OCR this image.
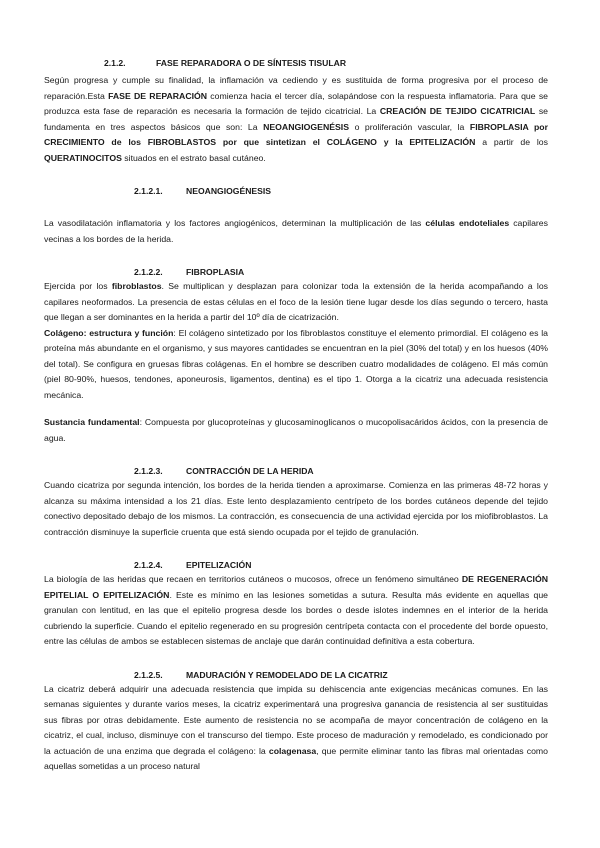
2.1.2.	FASE REPARADORA O DE SÍNTESIS TISULAR

Según progresa y cumple su finalidad, la inflamación va cediendo y es sustituida de forma progresiva por el proceso de reparación.Esta FASE DE REPARACIÓN comienza hacia el tercer día, solapándose con la respuesta inflamatoria. Para que se produzca esta fase de reparación es necesaria la formación de tejido cicatricial. La CREACIÓN DE TEJIDO CICATRICIAL se fundamenta en tres aspectos básicos que son: La NEOANGIOGENÉSIS o proliferación vascular, la FIBROPLASIA por CRECIMIENTO de los FIBROBLASTOS por que sintetizan el COLÁGENO y la EPITELIZACIÓN a partir de los QUERATINOCITOS situados en el estrato basal cutáneo.

2.1.2.1.	NEOANGIOGÉNESIS

La vasodilatación inflamatoria y los factores angiogénicos, determinan la multiplicación de las células endoteliales capilares vecinas a los bordes de la herida.

2.1.2.2.	FIBROPLASIA

Ejercida por los fibroblastos. Se multiplican y desplazan para colonizar toda la extensión de la herida acompañando a los capilares neoformados. La presencia de estas células en el foco de la lesión tiene lugar desde los días segundo o tercero, hasta que llegan a ser dominantes en la herida a partir del 10º día de cicatrización.
Colágeno: estructura y función: El colágeno sintetizado por los fibroblastos constituye el elemento primordial. El colágeno es la proteína más abundante en el organismo, y sus mayores cantidades se encuentran en la piel (30% del total) y en los huesos (40% del total). Se configura en gruesas fibras colágenas. En el hombre se describen cuatro modalidades de colágeno. El más común (piel 80-90%, huesos, tendones, aponeurosis, ligamentos, dentina) es el tipo 1. Otorga a la cicatriz una adecuada resistencia mecánica.

Sustancia fundamental: Compuesta por glucoproteínas y glucosaminoglicanos o mucopolisacáridos ácidos, con la presencia de agua.

2.1.2.3.	CONTRACCIÓN DE LA HERIDA

Cuando cicatriza por segunda intención, los bordes de la herida tienden a aproximarse. Comienza en las primeras 48-72 horas y alcanza su máxima intensidad a los 21 días. Este lento desplazamiento centrípeto de los bordes cutáneos depende del tejido conectivo depositado debajo de los mismos. La contracción, es consecuencia de una actividad ejercida por los miofibroblastos. La contracción disminuye la superficie cruenta que está siendo ocupada por el tejido de granulación.

2.1.2.4.	EPITELIZACIÓN

La biología de las heridas que recaen en territorios cutáneos o mucosos, ofrece un fenómeno simultáneo DE REGENERACIÓN EPITELIAL O EPITELIZACIÓN. Este es mínimo en las lesiones sometidas a sutura. Resulta más evidente en aquellas que granulan con lentitud, en las que el epitelio progresa desde los bordes o desde islotes indemnes en el interior de la herida cubriendo la superficie. Cuando el epitelio regenerado en su progresión centrípeta contacta con el procedente del borde opuesto, entre las células de ambos se establecen sistemas de anclaje que darán continuidad definitiva a esta cobertura.

2.1.2.5.	MADURACIÓN Y REMODELADO DE LA CICATRIZ

La cicatriz deberá adquirir una adecuada resistencia que impida su dehiscencia ante exigencias mecánicas comunes. En las semanas siguientes y durante varios meses, la cicatriz experimentará una progresiva ganancia de resistencia al ser sustituidas sus fibras por otras debidamente. Este aumento de resistencia no se acompaña de mayor concentración de colágeno en la cicatriz, el cual, incluso, disminuye con el transcurso del tiempo. Este proceso de maduración y remodelado, es condicionado por la actuación de una enzima que degrada el colágeno: la colagenasa, que permite eliminar tanto las fibras mal orientadas como aquellas sometidas a un proceso natural
